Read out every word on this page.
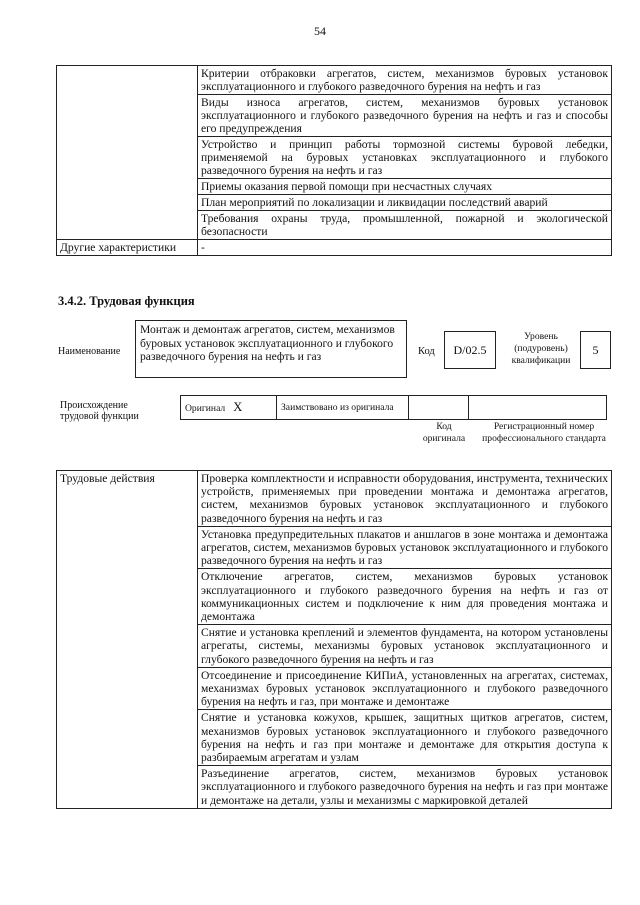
54
	Критерии отбраковки агрегатов, систем, механизмов буровых установок эксплуатационного и глубокого разведочного бурения на нефть и газ
	Виды износа агрегатов, систем, механизмов буровых установок эксплуатационного и глубокого разведочного бурения на нефть и газ и способы его предупреждения
	Устройство и принцип работы тормозной системы буровой лебедки, применяемой на буровых установках эксплуатационного и глубокого разведочного бурения на нефть и газ
	Приемы оказания первой помощи при несчастных случаях
	План мероприятий по локализации и ликвидации последствий аварий
	Требования охраны труда, промышленной, пожарной и экологической безопасности
Другие характеристики	-
3.4.2. Трудовая функция
Наименование
Монтаж и демонтаж агрегатов, систем, механизмов буровых установок эксплуатационного и глубокого разведочного бурения на нефть и газ	Код	D/02.5
Уровень (подуровень) квалификации
5
Происхождение трудовой функции
Оригинал X	Заимствовано из оригинала		
Код оригинала
Регистрационный номер профессионального стандарта
Трудовые действия	Проверка комплектности и исправности оборудования, инструмента, технических устройств, применяемых при проведении монтажа и демонтажа агрегатов, систем, механизмов буровых установок эксплуатационного и глубокого разведочного бурения на нефть и газ
Установка предупредительных плакатов и аншлагов в зоне монтажа и демонтажа агрегатов, систем, механизмов буровых установок эксплуатационного и глубокого разведочного бурения на нефть и газ
Отключение агрегатов, систем, механизмов буровых установок эксплуатационного и глубокого разведочного бурения на нефть и газ от коммуникационных систем и подключение к ним для проведения монтажа и демонтажа
Снятие и установка креплений и элементов фундамента, на котором установлены агрегаты, системы, механизмы буровых установок эксплуатационного и глубокого разведочного бурения на нефть и газ
Отсоединение и присоединение КИПиА, установленных на агрегатах, системах, механизмах буровых установок эксплуатационного и глубокого разведочного бурения на нефть и газ, при монтаже и демонтаже
Снятие и установка кожухов, крышек, защитных щитков агрегатов, систем, механизмов буровых установок эксплуатационного и глубокого разведочного бурения на нефть и газ при монтаже и демонтаже для открытия доступа к разбираемым агрегатам и узлам
Разъединение агрегатов, систем, механизмов буровых установок эксплуатационного и глубокого разведочного бурения на нефть и газ при монтаже и демонтаже на детали, узлы и механизмы с маркировкой деталей
